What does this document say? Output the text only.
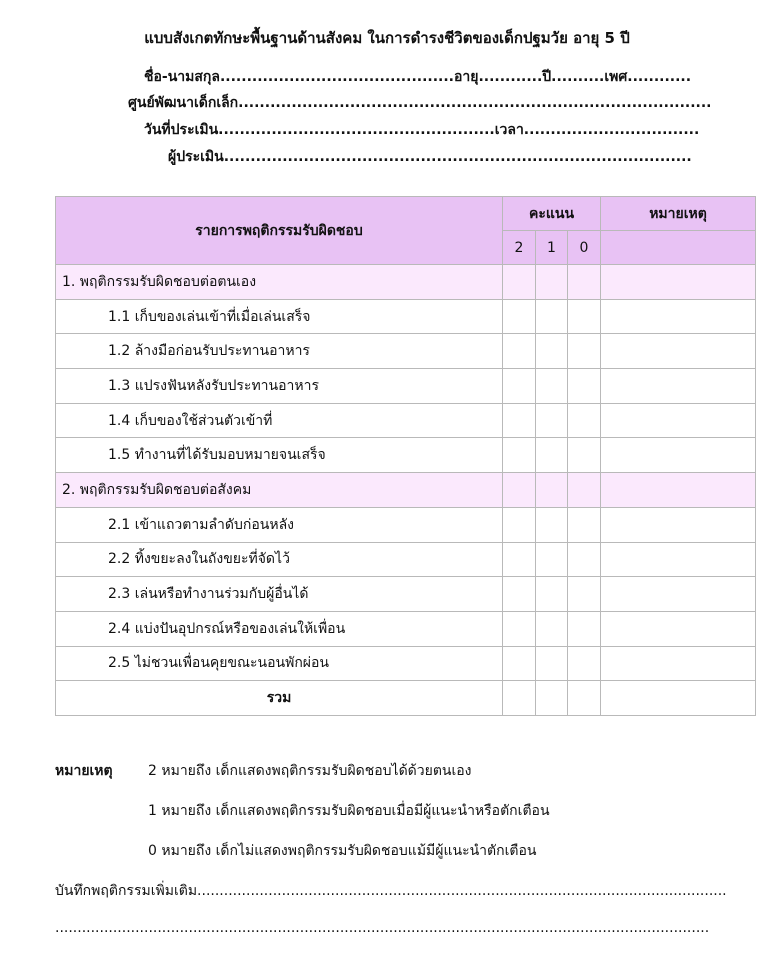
แบบสังเกตทักษะพื้นฐานด้านสังคม ในการดำรงชีวิตของเด็กปฐมวัย อายุ 5 ปี
ชื่อ-นามสกุล............................................อายุ............ปี..........เพศ............
ศูนย์พัฒนาเด็กเล็ก.........................................................................................
วันที่ประเมิน....................................................เวลา.................................
ผู้ประเมิน........................................................................................
รายการพฤติกรรมรับผิดชอบ	คะแนน			หมายเหตุ
	2	1	0	
1. พฤติกรรมรับผิดชอบต่อตนเอง				
1.1 เก็บของเล่นเข้าที่เมื่อเล่นเสร็จ				
1.2 ล้างมือก่อนรับประทานอาหาร				
1.3 แปรงฟันหลังรับประทานอาหาร				
1.4 เก็บของใช้ส่วนตัวเข้าที่				
1.5 ทำงานที่ได้รับมอบหมายจนเสร็จ				
2. พฤติกรรมรับผิดชอบต่อสังคม				
2.1 เข้าแถวตามลำดับก่อนหลัง				
2.2 ทิ้งขยะลงในถังขยะที่จัดไว้				
2.3 เล่นหรือทำงานร่วมกับผู้อื่นได้				
2.4 แบ่งปันอุปกรณ์หรือของเล่นให้เพื่อน				
2.5 ไม่ชวนเพื่อนคุยขณะนอนพักผ่อน				
รวม				
หมายเหตุ	2 หมายถึง เด็กแสดงพฤติกรรมรับผิดชอบได้ด้วยตนเอง
1 หมายถึง เด็กแสดงพฤติกรรมรับผิดชอบเมื่อมีผู้แนะนำหรือตักเตือน
0 หมายถึง เด็กไม่แสดงพฤติกรรมรับผิดชอบแม้มีผู้แนะนำตักเตือน
บันทึกพฤติกรรมเพิ่มเติม.......................................................................................................................
...................................................................................................................................................
